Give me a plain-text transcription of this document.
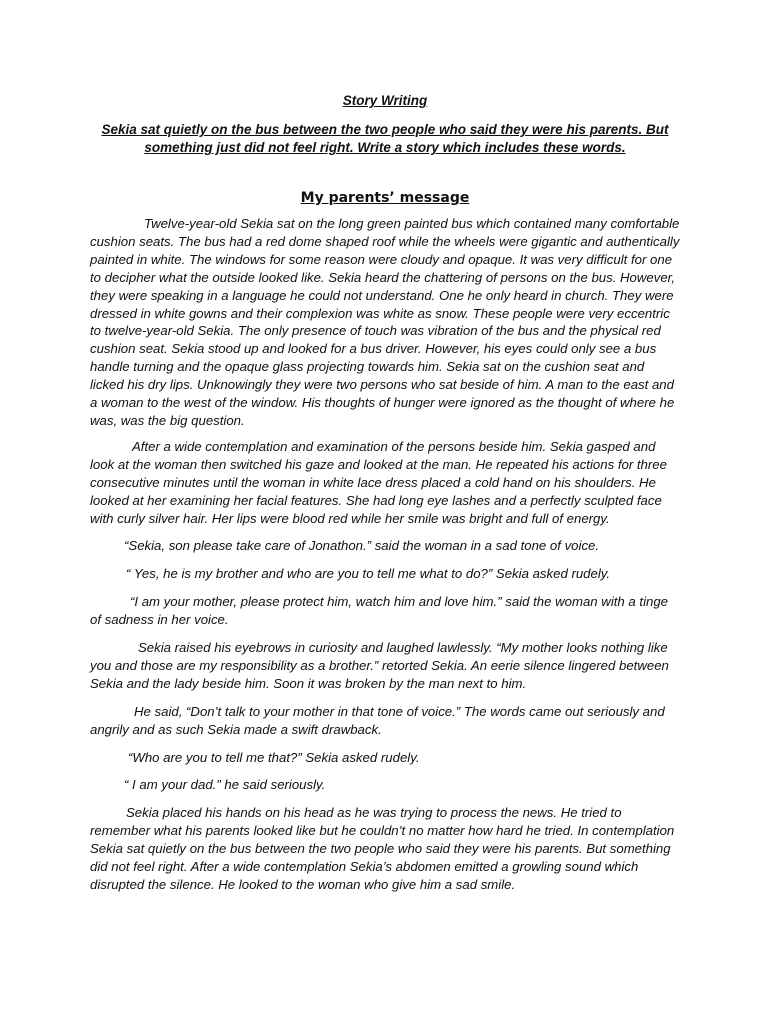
Story Writing

Sekia sat quietly on the bus between the two people who said they were his parents. But something just did not feel right. Write a story which includes these words.

My parents’ message

Twelve-year-old Sekia sat on the long green painted bus which contained many comfortable cushion seats. The bus had a red dome shaped roof while the wheels were gigantic and authentically painted in white. The windows for some reason were cloudy and opaque. It was very difficult for one to decipher what the outside looked like. Sekia heard the chattering of persons on the bus. However, they were speaking in a language he could not understand. One he only heard in church. They were dressed in white gowns and their complexion was white as snow. These people were very eccentric to twelve-year-old Sekia. The only presence of touch was vibration of the bus and the physical red cushion seat. Sekia stood up and looked for a bus driver. However, his eyes could only see a bus handle turning and the opaque glass projecting towards him. Sekia sat on the cushion seat and licked his dry lips. Unknowingly they were two persons who sat beside of him. A man to the east and a woman to the west of the window. His thoughts of hunger were ignored as the thought of where he was, was the big question.

After a wide contemplation and examination of the persons beside him. Sekia gasped and look at the woman then switched his gaze and looked at the man. He repeated his actions for three consecutive minutes until the woman in white lace dress placed a cold hand on his shoulders. He looked at her examining her facial features. She had long eye lashes and a perfectly sculpted face with curly silver hair. Her lips were blood red while her smile was bright and full of energy.

“Sekia, son please take care of Jonathon.” said the woman in a sad tone of voice.

“ Yes, he is my brother and who are you to tell me what to do?” Sekia asked rudely.

“I am your mother, please protect him, watch him and love him.” said the woman with a tinge of sadness in her voice.

Sekia raised his eyebrows in curiosity and laughed lawlessly. “My mother looks nothing like you and those are my responsibility as a brother.” retorted Sekia. An eerie silence lingered between Sekia and the lady beside him. Soon it was broken by the man next to him.

He said, “Don’t talk to your mother in that tone of voice.” The words came out seriously and angrily and as such Sekia made a swift drawback.

“Who are you to tell me that?” Sekia asked rudely.

“ I am your dad.” he said seriously.

Sekia placed his hands on his head as he was trying to process the news. He tried to remember what his parents looked like but he couldn’t no matter how hard he tried. In contemplation Sekia sat quietly on the bus between the two people who said they were his parents. But something did not feel right. After a wide contemplation Sekia’s abdomen emitted a growling sound which disrupted the silence. He looked to the woman who give him a sad smile.
